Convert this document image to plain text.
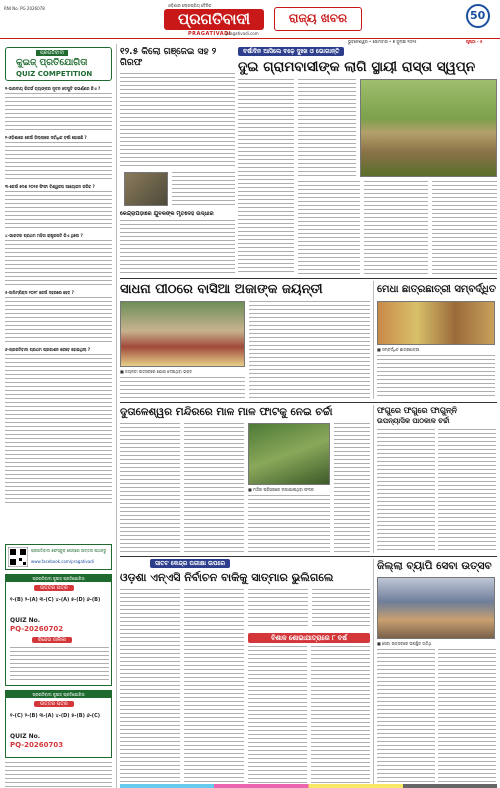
RNI No. PG 2026078
ଓଡ଼ିଶାର ଲୋକପ୍ରିୟ ଦୈନିକ
ପ୍ରଗତିବାଦୀ
PRAGATIVADI
pragativadi.com
ରାଜ୍ୟ ଖବର	50
ଭୁବନେଶ୍ୱର • ସୋମବାର • ୭ ଜୁଲାଇ ୨୦୨୫	ପୃଷ୍ଠା - ୫
ପ୍ରଗତିବାଦୀ
କୁଇଜ୍ ପ୍ରତିଯୋଗିତା
QUIZ COMPETITION
୧-ଭାରତୀୟ ରିଜର୍ଭ ବ୍ୟାଙ୍କର ନୂତନ ଡେପୁଟି ଗଭର୍ଣ୍ଣର କିଏ ?
୨-ଓଡ଼ିଶାରେ କେଉଁ ଜିଲ୍ଲାରେ ସର୍ବାଧିକ ବର୍ଷା ହୋଇଛି ?
୩-କେଉଁ ଦେଶ ୨୦୨୬ ଫିଫା ବିଶ୍ୱକପ ଆୟୋଜନ କରିବ ?
୪-ଭାରତର ପ୍ରଥମ ମହିଳା ରାଷ୍ଟ୍ରପତି କିଏ ଥିଲେ ?
୫-ଅଲିମ୍ପିକ୍ସ ୨୦୨୮ କେଉଁ ସହରରେ ହେବ ?
୬-ପ୍ରଗତିବାଦୀ ପ୍ରଥମ ପ୍ରକାଶନ କେବେ ହୋଇଥିଲା ?
ପ୍ରଗତିବାଦୀ ଫେସ୍‌ବୁକ୍ ପେଜ୍‌ରେ ଉତ୍ତର ପଠାନ୍ତୁ
www.facebook.com/pragativadi
ପ୍ରଗତିବାଦୀ କୁଇଜ୍ ପ୍ରତିଯୋଗିତା
ଉତ୍ତର ପତ୍ର
୧-(B) ୨-(A) ୩-(C) ୪-(A) ୫-(D) ୬-(B)
QUIZ No.
PQ-20260702
ବିଜେତା ତାଲିକା
ପ୍ରଗତିବାଦୀ କୁଇଜ୍ ପ୍ରତିଯୋଗିତା
ଉତ୍ତର ପତ୍ର
୧-(C) ୨-(B) ୩-(A) ୪-(D) ୫-(B) ୬-(C)
QUIZ No.
PQ-20260703
୧୨.୫ କିଲୋ ଗଞ୍ଜେଇ ସହ ୨ ଗିରଫ
କେନ୍ଦ୍ରାପଡ଼ାରେ ଯୁବକଙ୍କ ମୃତଦେହ ଉଦ୍ଧାର
ବର୍ଷାଦିନ ଆସିଲେ ବଢ଼େ ଦୁଃଖ ଓ ଭୋଗାନ୍ତି
ଦୁଇ ଗ୍ରାମବାସୀଙ୍କ ଲାଗି ସ୍ଥାୟୀ ରାସ୍ତା ସ୍ୱପ୍ନ
ସାଧନା ପୀଠରେ ବାସିଆ ଅଜାଙ୍କ ଜୟନ୍ତୀ
■ ଜୟନ୍ତୀ ଉତ୍ସବରେ ଯୋଗ ଦେଇଥିବା ଭକ୍ତ
ମେଧା ଛାତ୍ରଛାତ୍ରୀ ସମ୍ବର୍ଦ୍ଧିତ
■ ସମ୍ବର୍ଦ୍ଧିତ ଛାତ୍ରଛାତ୍ରୀ
ଦୁତାଳେଶ୍ୱର ମନ୍ଦିରରେ ମାଳ ମାଳ ଫାଟକୁ ନେଇ ଚର୍ଚ୍ଚା
■ ମନ୍ଦିର ପରିସରରେ ଲଗାଯାଇଥିବା ଫଳକ
ଫଗୁରେ ଫଗୁରେ ଫାଗୁନ୍‌ନି
ଉପନ୍ୟାସିକ ପାଠକାଳ ଚର୍ଚ୍ଚା
ସାତଟ କେନ୍ଦ୍ର ପରୀକ୍ଷା ଉପରେ
ଓଡ଼ଶା ଏନ୍‌ଏସି ନିର୍ବାଚନ ବାକିକୁ ସାତ୍ମାର ଭୁଲିଗଲେ
ବିଶାଳ ଶୋଭାଯାତ୍ରାରେ ୮ ବର୍ଷ
ଜିଲ୍ଲା ବ୍ୟାପି ସେବା ଉତ୍ସବ
■ ସେବା ଉତ୍ସବରେ ଉପସ୍ଥିତ ଅତିଥି
